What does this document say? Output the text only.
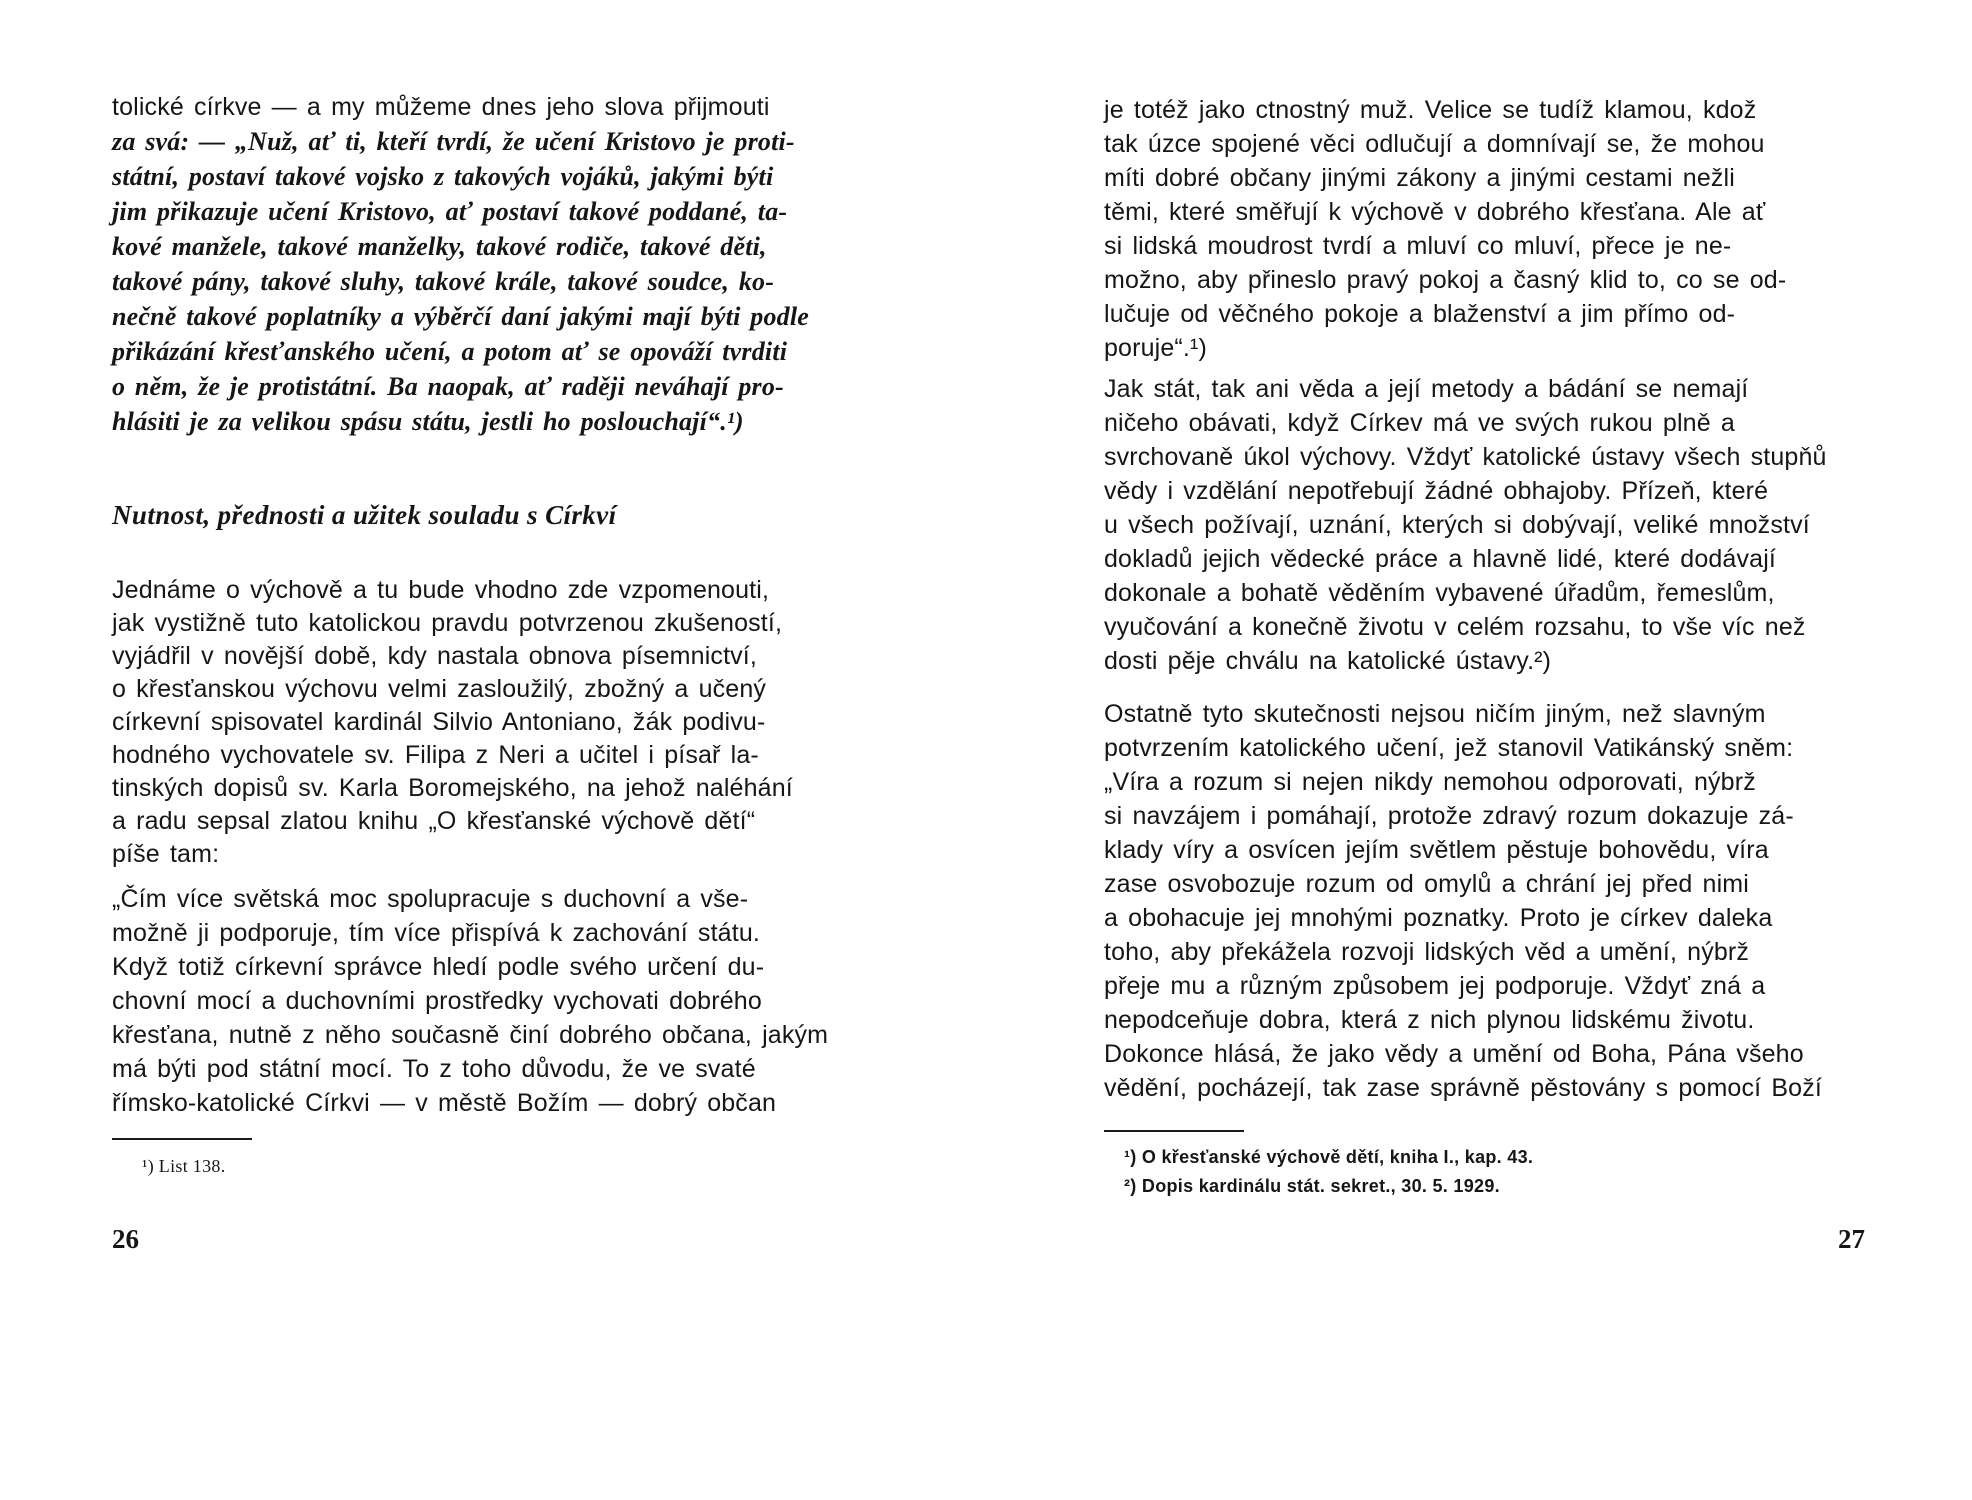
tolické církve — a my můžeme dnes jeho slova přijmouti
za svá: — „Nuž, ať ti, kteří tvrdí, že učení Kristovo je proti-
státní, postaví takové vojsko z takových vojáků, jakými býti
jim přikazuje učení Kristovo, ať postaví takové poddané, ta-
kové manžele, takové manželky, takové rodiče, takové děti,
takové pány, takové sluhy, takové krále, takové soudce, ko-
nečně takové poplatníky a výběrčí daní jakými mají býti podle
přikázání křesťanského učení, a potom ať se opováží tvrditi
o něm, že je protistátní. Ba naopak, ať raději neváhají pro-
hlásiti je za velikou spásu státu, jestli ho poslouchají“.¹)
Nutnost, přednosti a užitek souladu s Církví
Jednáme o výchově a tu bude vhodno zde vzpomenouti,
jak vystižně tuto katolickou pravdu potvrzenou zkušeností,
vyjádřil v novější době, kdy nastala obnova písemnictví,
o křesťanskou výchovu velmi zasloužilý, zbožný a učený
církevní spisovatel kardinál Silvio Antoniano, žák podivu-
hodného vychovatele sv. Filipa z Neri a učitel i písař la-
tinských dopisů sv. Karla Boromejského, na jehož naléhání
a radu sepsal zlatou knihu „O křesťanské výchově dětí“
píše tam:
„Čím více světská moc spolupracuje s duchovní a vše-
možně ji podporuje, tím více přispívá k zachování státu.
Když totiž církevní správce hledí podle svého určení du-
chovní mocí a duchovními prostředky vychovati dobrého
křesťana, nutně z něho současně činí dobrého občana, jakým
má býti pod státní mocí. To z toho důvodu, že ve svaté
římsko-katolické Církvi — v městě Božím — dobrý občan
¹) List 138.
26
je totéž jako ctnostný muž. Velice se tudíž klamou, kdož
tak úzce spojené věci odlučují a domnívají se, že mohou
míti dobré občany jinými zákony a jinými cestami nežli
těmi, které směřují k výchově v dobrého křesťana. Ale ať
si lidská moudrost tvrdí a mluví co mluví, přece je ne-
možno, aby přineslo pravý pokoj a časný klid to, co se od-
lučuje od věčného pokoje a blaženství a jim přímo od-
poruje“.¹)
Jak stát, tak ani věda a její metody a bádání se nemají
ničeho obávati, když Církev má ve svých rukou plně a
svrchovaně úkol výchovy. Vždyť katolické ústavy všech stupňů
vědy i vzdělání nepotřebují žádné obhajoby. Přízeň, které
u všech požívají, uznání, kterých si dobývají, veliké množství
dokladů jejich vědecké práce a hlavně lidé, které dodávají
dokonale a bohatě věděním vybavené úřadům, řemeslům,
vyučování a konečně životu v celém rozsahu, to vše víc než
dosti pěje chválu na katolické ústavy.²)
Ostatně tyto skutečnosti nejsou ničím jiným, než slavným
potvrzením katolického učení, jež stanovil Vatikánský sněm:
„Víra a rozum si nejen nikdy nemohou odporovati, nýbrž
si navzájem i pomáhají, protože zdravý rozum dokazuje zá-
klady víry a osvícen jejím světlem pěstuje bohovědu, víra
zase osvobozuje rozum od omylů a chrání jej před nimi
a obohacuje jej mnohými poznatky. Proto je církev daleka
toho, aby překážela rozvoji lidských věd a umění, nýbrž
přeje mu a různým způsobem jej podporuje. Vždyť zná a
nepodceňuje dobra, která z nich plynou lidskému životu.
Dokonce hlásá, že jako vědy a umění od Boha, Pána všeho
vědění, pocházejí, tak zase správně pěstovány s pomocí Boží
¹) O křesťanské výchově dětí, kniha I., kap. 43.
²) Dopis kardinálu stát. sekret., 30. 5. 1929.
27
